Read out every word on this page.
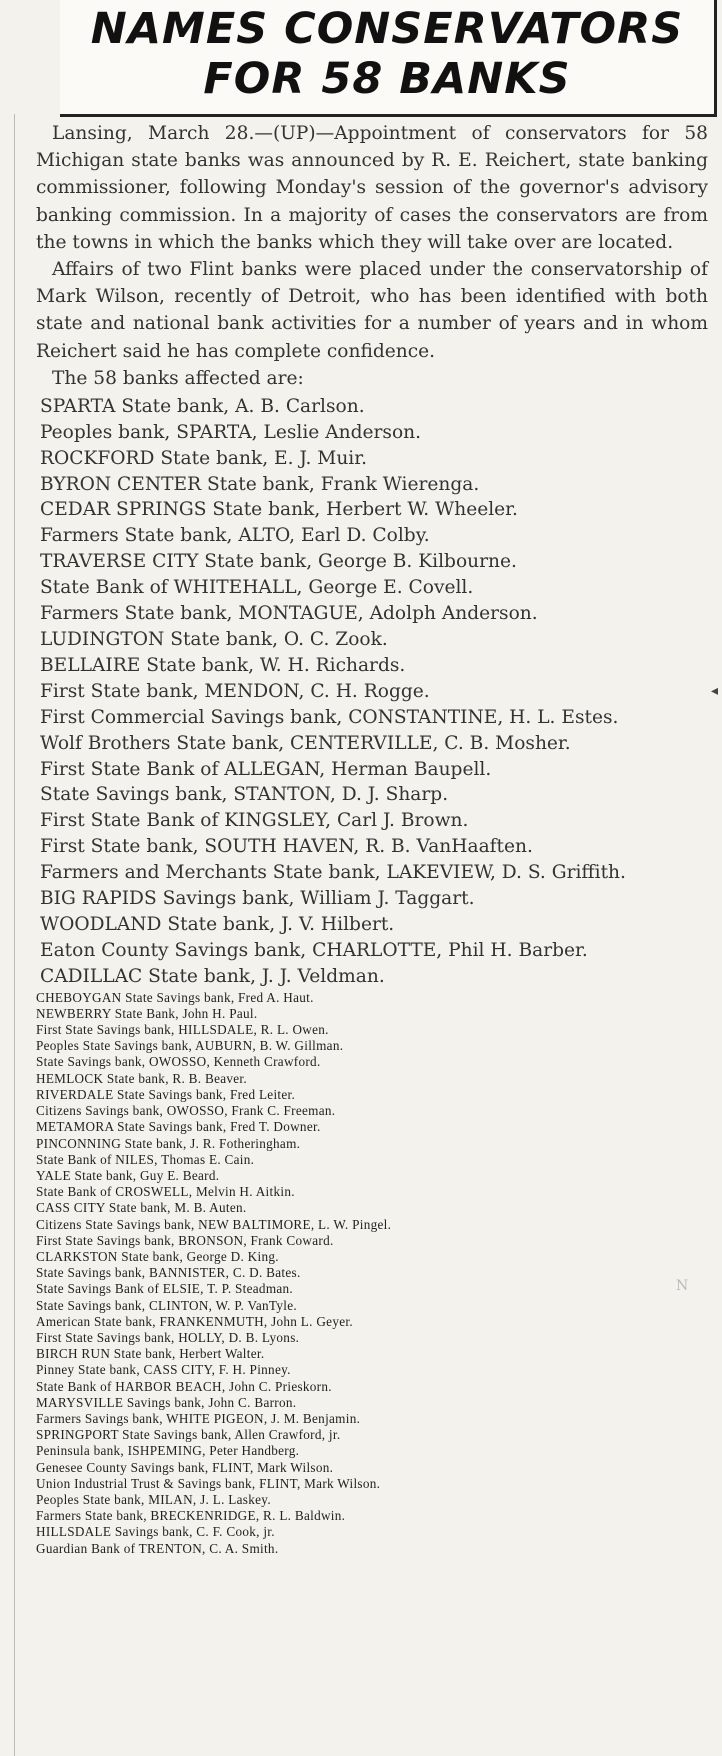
NAMES CONSERVATORS
FOR 58 BANKS

Lansing, March 28.—(UP)—Appointment of conservators for 58 Michigan state banks was announced by R. E. Reichert, state banking commissioner, following Monday's session of the governor's advisory banking commission. In a majority of cases the conservators are from the towns in which the banks which they will take over are located.

Affairs of two Flint banks were placed under the conservatorship of Mark Wilson, recently of Detroit, who has been identified with both state and national bank activities for a number of years and in whom Reichert said he has complete confidence.

The 58 banks affected are:

SPARTA State bank, A. B. Carlson.
Peoples bank, SPARTA, Leslie Anderson.
ROCKFORD State bank, E. J. Muir.
BYRON CENTER State bank, Frank Wierenga.
CEDAR SPRINGS State bank, Herbert W. Wheeler.
Farmers State bank, ALTO, Earl D. Colby.
TRAVERSE CITY State bank, George B. Kilbourne.
State Bank of WHITEHALL, George E. Covell.
Farmers State bank, MONTAGUE, Adolph Anderson.
LUDINGTON State bank, O. C. Zook.
BELLAIRE State bank, W. H. Richards.
First State bank, MENDON, C. H. Rogge.
First Commercial Savings bank, CONSTANTINE, H. L. Estes.
Wolf Brothers State bank, CENTERVILLE, C. B. Mosher.
First State Bank of ALLEGAN, Herman Baupell.
State Savings bank, STANTON, D. J. Sharp.
First State Bank of KINGSLEY, Carl J. Brown.
First State bank, SOUTH HAVEN, R. B. VanHaaften.
Farmers and Merchants State bank, LAKEVIEW, D. S. Griffith.
BIG RAPIDS Savings bank, William J. Taggart.
WOODLAND State bank, J. V. Hilbert.
Eaton County Savings bank, CHARLOTTE, Phil H. Barber.
CADILLAC State bank, J. J. Veldman.
CHEBOYGAN State Savings bank, Fred A. Haut.
NEWBERRY State Bank, John H. Paul.
First State Savings bank, HILLSDALE, R. L. Owen.
Peoples State Savings bank, AUBURN, B. W. Gillman.
State Savings bank, OWOSSO, Kenneth Crawford.
HEMLOCK State bank, R. B. Beaver.
RIVERDALE State Savings bank, Fred Leiter.
Citizens Savings bank, OWOSSO, Frank C. Freeman.
METAMORA State Savings bank, Fred T. Downer.
PINCONNING State bank, J. R. Fotheringham.
State Bank of NILES, Thomas E. Cain.
YALE State bank, Guy E. Beard.
State Bank of CROSWELL, Melvin H. Aitkin.
CASS CITY State bank, M. B. Auten.
Citizens State Savings bank, NEW BALTIMORE, L. W. Pingel.
First State Savings bank, BRONSON, Frank Coward.
CLARKSTON State bank, George D. King.
State Savings bank, BANNISTER, C. D. Bates.
State Savings Bank of ELSIE, T. P. Steadman.
State Savings bank, CLINTON, W. P. VanTyle.
American State bank, FRANKENMUTH, John L. Geyer.
First State Savings bank, HOLLY, D. B. Lyons.
BIRCH RUN State bank, Herbert Walter.
Pinney State bank, CASS CITY, F. H. Pinney.
State Bank of HARBOR BEACH, John C. Prieskorn.
MARYSVILLE Savings bank, John C. Barron.
Farmers Savings bank, WHITE PIGEON, J. M. Benjamin.
SPRINGPORT State Savings bank, Allen Crawford, jr.
Peninsula bank, ISHPEMING, Peter Handberg.
Genesee County Savings bank, FLINT, Mark Wilson.
Union Industrial Trust & Savings bank, FLINT, Mark Wilson.
Peoples State bank, MILAN, J. L. Laskey.
Farmers State bank, BRECKENRIDGE, R. L. Baldwin.
HILLSDALE Savings bank, C. F. Cook, jr.
Guardian Bank of TRENTON, C. A. Smith.
◂
N
